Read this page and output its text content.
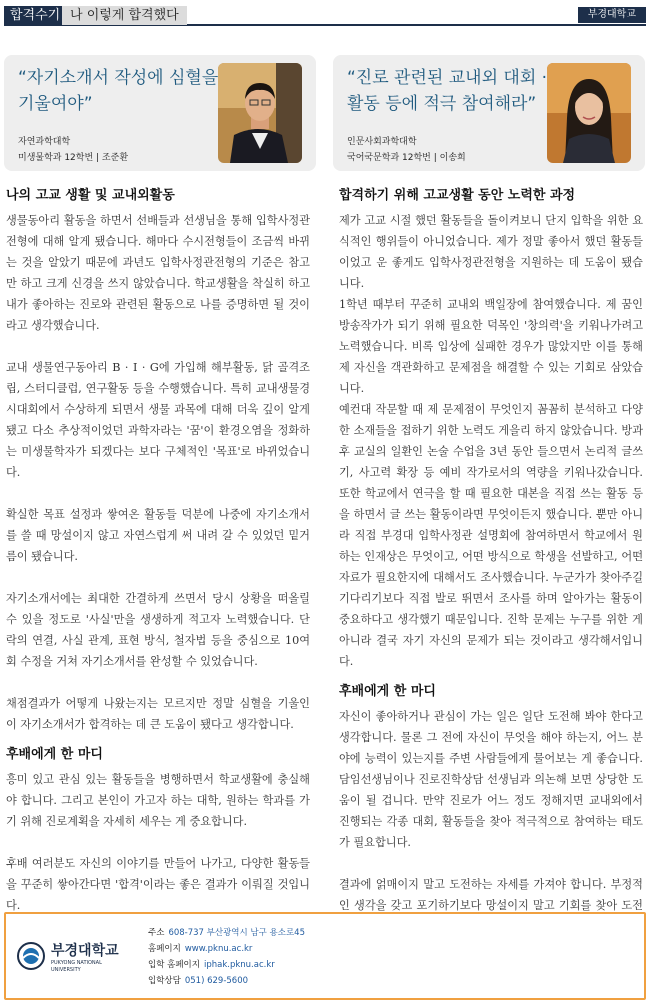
합격수기 나 이렇게 합격했다	부경대학교
“자기소개서 작성에 심혈을 기울여야”
자연과학대학
미생물학과 12학번 | 조준환
“진로 관련된 교내외 대회 · 활동 등에 적극 참여해라”
인문사회과학대학
국어국문학과 12학번 | 이송희
나의 고교 생활 및 교내외활동

생물동아리 활동을 하면서 선배들과 선생님을 통해 입학사정관전형에 대해 알게 됐습니다. 해마다 수시전형들이 조금씩 바뀌는 것을 알았기 때문에 과년도 입학사정관전형의 기준은 참고만 하고 크게 신경을 쓰지 않았습니다. 학교생활을 착실히 하고 내가 좋아하는 진로와 관련된 활동으로 나를 증명하면 될 것이라고 생각했습니다.

교내 생물연구동아리 B · I · G에 가입해 해부활동, 닭 골격조립, 스터디클럽, 연구활동 등을 수행했습니다. 특히 교내생물경시대회에서 수상하게 되면서 생물 과목에 대해 더욱 깊이 알게 됐고 다소 추상적이었던 과학자라는 '꿈'이 환경오염을 정화하는 미생물학자가 되겠다는 보다 구체적인 '목표'로 바뀌었습니다.

확실한 목표 설정과 쌓여온 활동들 덕분에 나중에 자기소개서를 쓸 때 망설이지 않고 자연스럽게 써 내려 갈 수 있었던 밑거름이 됐습니다.

자기소개서에는 최대한 간결하게 쓰면서 당시 상황을 떠올릴 수 있을 정도로 '사실'만을 생생하게 적고자 노력했습니다. 단락의 연결, 사실 관계, 표현 방식, 철자법 등을 중심으로 10여 회 수정을 거쳐 자기소개서를 완성할 수 있었습니다.

채점결과가 어떻게 나왔는지는 모르지만 정말 심혈을 기울인 이 자기소개서가 합격하는 데 큰 도움이 됐다고 생각합니다.

후배에게 한 마디

흥미 있고 관심 있는 활동들을 병행하면서 학교생활에 충실해야 합니다. 그리고 본인이 가고자 하는 대학, 원하는 학과를 가기 위해 진로계획을 자세히 세우는 게 중요합니다.

후배 여러분도 자신의 이야기를 만들어 나가고, 다양한 활동들을 꾸준히 쌓아간다면 '합격'이라는 좋은 결과가 이뤄질 것입니다.

합격하기 위해 고교생활 동안 노력한 과정

제가 고교 시절 했던 활동들을 돌이켜보니 단지 입학을 위한 요식적인 행위들이 아니었습니다. 제가 정말 좋아서 했던 활동들이었고 운 좋게도 입학사정관전형을 지원하는 데 도움이 됐습니다.

1학년 때부터 꾸준히 교내외 백일장에 참여했습니다. 제 꿈인 방송작가가 되기 위해 필요한 덕목인 '창의력'을 키워나가려고 노력했습니다. 비록 입상에 실패한 경우가 많았지만 이를 통해 제 자신을 객관화하고 문제점을 해결할 수 있는 기회로 삼았습니다.

예컨대 작문할 때 제 문제점이 무엇인지 꼼꼼히 분석하고 다양한 소재들을 접하기 위한 노력도 게을리 하지 않았습니다. 방과 후 교실의 일환인 논술 수업을 3년 동안 들으면서 논리적 글쓰기, 사고력 확장 등 예비 작가로서의 역량을 키워나갔습니다. 또한 학교에서 연극을 할 때 필요한 대본을 직접 쓰는 활동 등을 하면서 글 쓰는 활동이라면 무엇이든지 했습니다. 뿐만 아니라 직접 부경대 입학사정관 설명회에 참여하면서 학교에서 원하는 인재상은 무엇이고, 어떤 방식으로 학생을 선발하고, 어떤 자료가 필요한지에 대해서도 조사했습니다. 누군가가 찾아주길 기다리기보다 직접 발로 뛰면서 조사를 하며 알아가는 활동이 중요하다고 생각했기 때문입니다. 진학 문제는 누구를 위한 게 아니라 결국 자기 자신의 문제가 되는 것이라고 생각해서입니다.

후배에게 한 마디

자신이 좋아하거나 관심이 가는 일은 일단 도전해 봐야 한다고 생각합니다. 물론 그 전에 자신이 무엇을 해야 하는지, 어느 분야에 능력이 있는지를 주변 사람들에게 물어보는 게 좋습니다. 담임선생님이나 진로진학상담 선생님과 의논해 보면 상당한 도움이 될 겁니다. 만약 진로가 어느 정도 정해지면 교내외에서 진행되는 각종 대회, 활동들을 찾아 적극적으로 참여하는 태도가 필요합니다.

결과에 얽매이지 말고 도전하는 자세를 가져야 합니다. 부정적인 생각을 갖고 포기하기보다 망설이지 말고 기회를 찾아 도전

부경대학교
PUKYONG NATIONAL UNIVERSITY
주소 608-737 부산광역시 남구 용소로45
홈페이지 www.pknu.ac.kr
입학 홈페이지 iphak.pknu.ac.kr
입학상담 051) 629-5600
